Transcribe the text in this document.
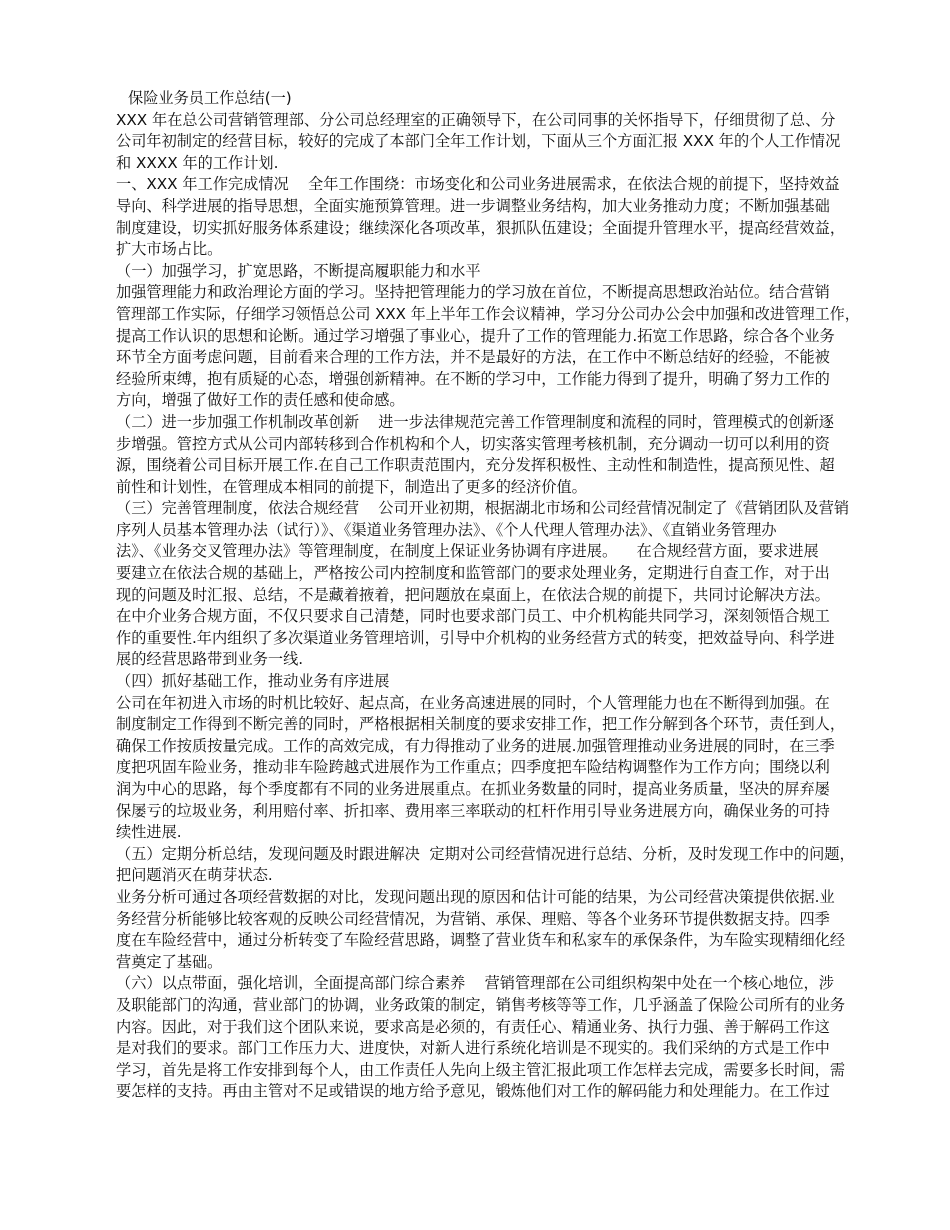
保险业务员工作总结(一)
XXX 年在总公司营销管理部、分公司总经理室的正确领导下，在公司同事的关怀指导下，仔细贯彻了总、分
公司年初制定的经营目标，较好的完成了本部门全年工作计划，下面从三个方面汇报 XXX 年的个人工作情况
和 XXXX 年的工作计划.
一、XXX 年工作完成情况    全年工作围绕：市场变化和公司业务进展需求，在依法合规的前提下，坚持效益
导向、科学进展的指导思想，全面实施预算管理。进一步调整业务结构，加大业务推动力度；不断加强基础
制度建设，切实抓好服务体系建设；继续深化各项改革，狠抓队伍建设；全面提升管理水平，提高经营效益，
扩大市场占比。
（一）加强学习，扩宽思路，不断提高履职能力和水平
加强管理能力和政治理论方面的学习。坚持把管理能力的学习放在首位，不断提高思想政治站位。结合营销
管理部工作实际，仔细学习领悟总公司 XXX 年上半年工作会议精神，学习分公司办公会中加强和改进管理工作，
提高工作认识的思想和论断。通过学习增强了事业心，提升了工作的管理能力.拓宽工作思路，综合各个业务
环节全方面考虑问题，目前看来合理的工作方法，并不是最好的方法，在工作中不断总结好的经验，不能被
经验所束缚，抱有质疑的心态，增强创新精神。在不断的学习中，工作能力得到了提升，明确了努力工作的
方向，增强了做好工作的责任感和使命感。
（二）进一步加强工作机制改革创新    进一步法律规范完善工作管理制度和流程的同时，管理模式的创新逐
步增强。管控方式从公司内部转移到合作机构和个人，切实落实管理考核机制，充分调动一切可以利用的资
源，围绕着公司目标开展工作.在自己工作职责范围内，充分发挥积极性、主动性和制造性，提高预见性、超
前性和计划性，在管理成本相同的前提下，制造出了更多的经济价值。
（三）完善管理制度，依法合规经营    公司开业初期，根据湖北市场和公司经营情况制定了《营销团队及营销
序列人员基本管理办法（试行）》、《渠道业务管理办法》、《个人代理人管理办法》、《直销业务管理办
法》、《业务交叉管理办法》等管理制度，在制度上保证业务协调有序进展。    在合规经营方面，要求进展
要建立在依法合规的基础上，严格按公司内控制度和监管部门的要求处理业务，定期进行自查工作，对于出
现的问题及时汇报、总结，不是藏着掖着，把问题放在桌面上，在依法合规的前提下，共同讨论解决方法。
在中介业务合规方面，不仅只要求自己清楚，同时也要求部门员工、中介机构能共同学习，深刻领悟合规工
作的重要性.年内组织了多次渠道业务管理培训，引导中介机构的业务经营方式的转变，把效益导向、科学进
展的经营思路带到业务一线.
（四）抓好基础工作，推动业务有序进展
公司在年初进入市场的时机比较好、起点高，在业务高速进展的同时，个人管理能力也在不断得到加强。在
制度制定工作得到不断完善的同时，严格根据相关制度的要求安排工作，把工作分解到各个环节，责任到人，
确保工作按质按量完成。工作的高效完成，有力得推动了业务的进展.加强管理推动业务进展的同时，在三季
度把巩固车险业务，推动非车险跨越式进展作为工作重点；四季度把车险结构调整作为工作方向；围绕以利
润为中心的思路，每个季度都有不同的业务进展重点。在抓业务数量的同时，提高业务质量，坚决的屏弃屡
保屡亏的垃圾业务，利用赔付率、折扣率、费用率三率联动的杠杆作用引导业务进展方向，确保业务的可持
续性进展.
（五）定期分析总结，发现问题及时跟进解决  定期对公司经营情况进行总结、分析，及时发现工作中的问题，
把问题消灭在萌芽状态.
业务分析可通过各项经营数据的对比，发现问题出现的原因和估计可能的结果，为公司经营决策提供依据.业
务经营分析能够比较客观的反映公司经营情况，为营销、承保、理赔、等各个业务环节提供数据支持。四季
度在车险经营中，通过分析转变了车险经营思路，调整了营业货车和私家车的承保条件，为车险实现精细化经
营奠定了基础。
（六）以点带面，强化培训，全面提高部门综合素养    营销管理部在公司组织构架中处在一个核心地位，涉
及职能部门的沟通，营业部门的协调，业务政策的制定，销售考核等等工作，几乎涵盖了保险公司所有的业务
内容。因此，对于我们这个团队来说，要求高是必须的，有责任心、精通业务、执行力强、善于解码工作这
是对我们的要求。部门工作压力大、进度快，对新人进行系统化培训是不现实的。我们采纳的方式是工作中
学习，首先是将工作安排到每个人，由工作责任人先向上级主管汇报此项工作怎样去完成，需要多长时间，需
要怎样的支持。再由主管对不足或错误的地方给予意见，锻炼他们对工作的解码能力和处理能力。在工作过
